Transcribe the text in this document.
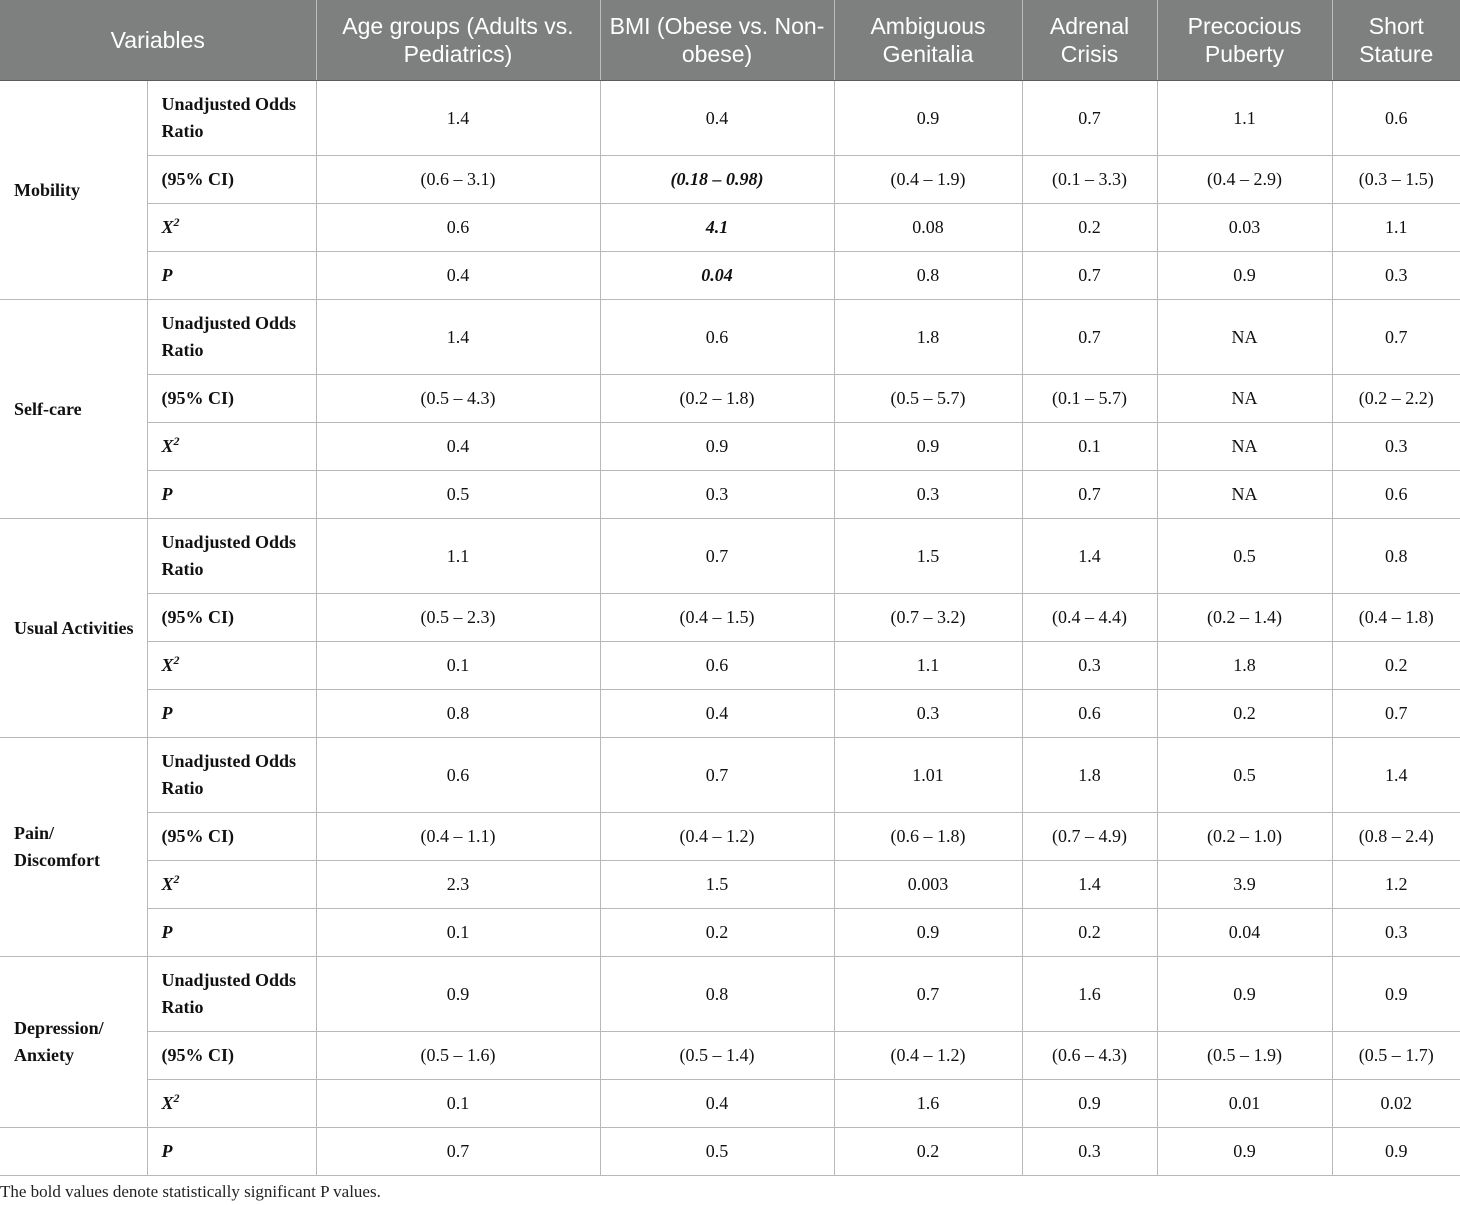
Variables		Age groups (Adults vs. Pediatrics)	BMI (Obese vs. Non-obese)	Ambiguous Genitalia	Adrenal Crisis	Precocious Puberty	Short Stature
Mobility	Unadjusted Odds Ratio	1.4	0.4	0.9	0.7	1.1	0.6
	(95% CI)	(0.6 – 3.1)	(0.18 – 0.98)	(0.4 – 1.9)	(0.1 – 3.3)	(0.4 – 2.9)	(0.3 – 1.5)
	$X^2$	0.6	4.1	0.08	0.2	0.03	1.1
	P	0.4	0.04	0.8	0.7	0.9	0.3
Self-care	Unadjusted Odds Ratio	1.4	0.6	1.8	0.7	NA	0.7
	(95% CI)	(0.5 – 4.3)	(0.2 – 1.8)	(0.5 – 5.7)	(0.1 – 5.7)	NA	(0.2 – 2.2)
	$X^2$	0.4	0.9	0.9	0.1	NA	0.3
	P	0.5	0.3	0.3	0.7	NA	0.6
Usual Activities	Unadjusted Odds Ratio	1.1	0.7	1.5	1.4	0.5	0.8
	(95% CI)	(0.5 – 2.3)	(0.4 – 1.5)	(0.7 – 3.2)	(0.4 – 4.4)	(0.2 – 1.4)	(0.4 – 1.8)
	$X^2$	0.1	0.6	1.1	0.3	1.8	0.2
	P	0.8	0.4	0.3	0.6	0.2	0.7
Pain/ Discomfort	Unadjusted Odds Ratio	0.6	0.7	1.01	1.8	0.5	1.4
	(95% CI)	(0.4 – 1.1)	(0.4 – 1.2)	(0.6 – 1.8)	(0.7 – 4.9)	(0.2 – 1.0)	(0.8 – 2.4)
	$X^2$	2.3	1.5	0.003	1.4	3.9	1.2
	P	0.1	0.2	0.9	0.2	0.04	0.3
Depression/ Anxiety	Unadjusted Odds Ratio	0.9	0.8	0.7	1.6	0.9	0.9
	(95% CI)	(0.5 – 1.6)	(0.5 – 1.4)	(0.4 – 1.2)	(0.6 – 4.3)	(0.5 – 1.9)	(0.5 – 1.7)
	$X^2$	0.1	0.4	1.6	0.9	0.01	0.02
	P	0.7	0.5	0.2	0.3	0.9	0.9
The bold values denote statistically significant P values.
